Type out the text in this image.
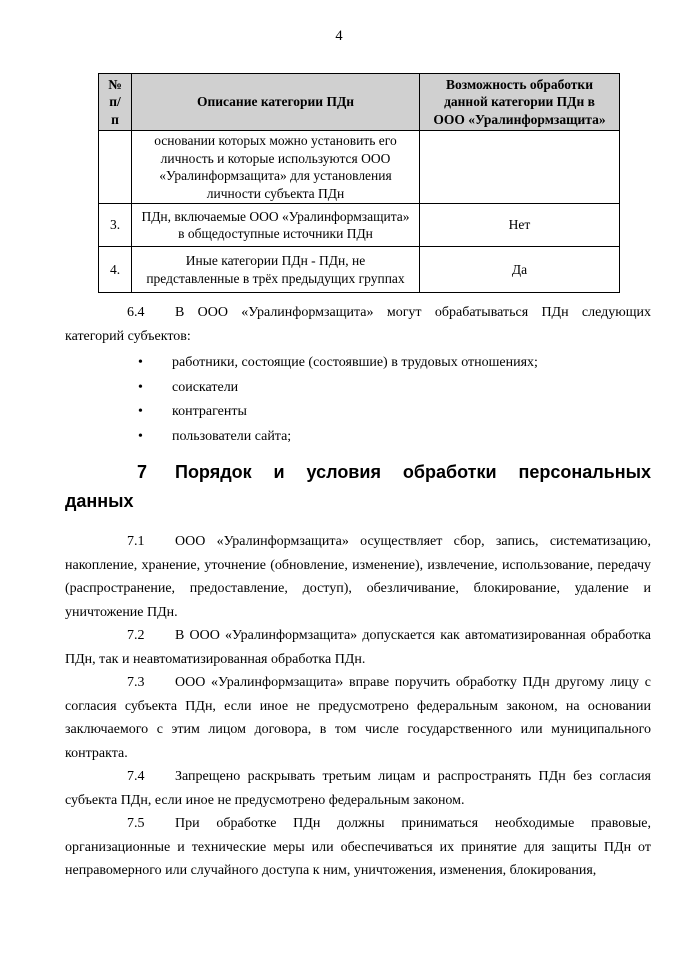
4
№ п/п	Описание категории ПДн	Возможность обработки данной категории ПДн в ООО «Уралинформзащита»
	основании которых можно установить его личность и которые используются ООО «Уралинформзащита» для установления личности субъекта ПДн	
3.	ПДн, включаемые ООО «Уралинформзащита» в общедоступные источники ПДн	Нет
4.	Иные категории ПДн - ПДн, не представленные в трёх предыдущих группах	Да

6.4 В ООО «Уралинформзащита» могут обрабатываться ПДн следующих категорий субъектов:

• работники, состоящие (состоявшие) в трудовых отношениях;
• соискатели
• контрагенты
• пользователи сайта;
7 Порядок и условия обработки персональных данных

7.1 ООО «Уралинформзащита» осуществляет сбор, запись, систематизацию, накопление, хранение, уточнение (обновление, изменение), извлечение, использование, передачу (распространение, предоставление, доступ), обезличивание, блокирование, удаление и уничтожение ПДн.

7.2 В ООО «Уралинформзащита» допускается как автоматизированная обработка ПДн, так и неавтоматизированная обработка ПДн.

7.3 ООО «Уралинформзащита» вправе поручить обработку ПДн другому лицу с согласия субъекта ПДн, если иное не предусмотрено федеральным законом, на основании заключаемого с этим лицом договора, в том числе государственного или муниципального контракта.

7.4 Запрещено раскрывать третьим лицам и распространять ПДн без согласия субъекта ПДн, если иное не предусмотрено федеральным законом.

7.5 При обработке ПДн должны приниматься необходимые правовые, организационные и технические меры или обеспечиваться их принятие для защиты ПДн от неправомерного или случайного доступа к ним, уничтожения, изменения, блокирования,
